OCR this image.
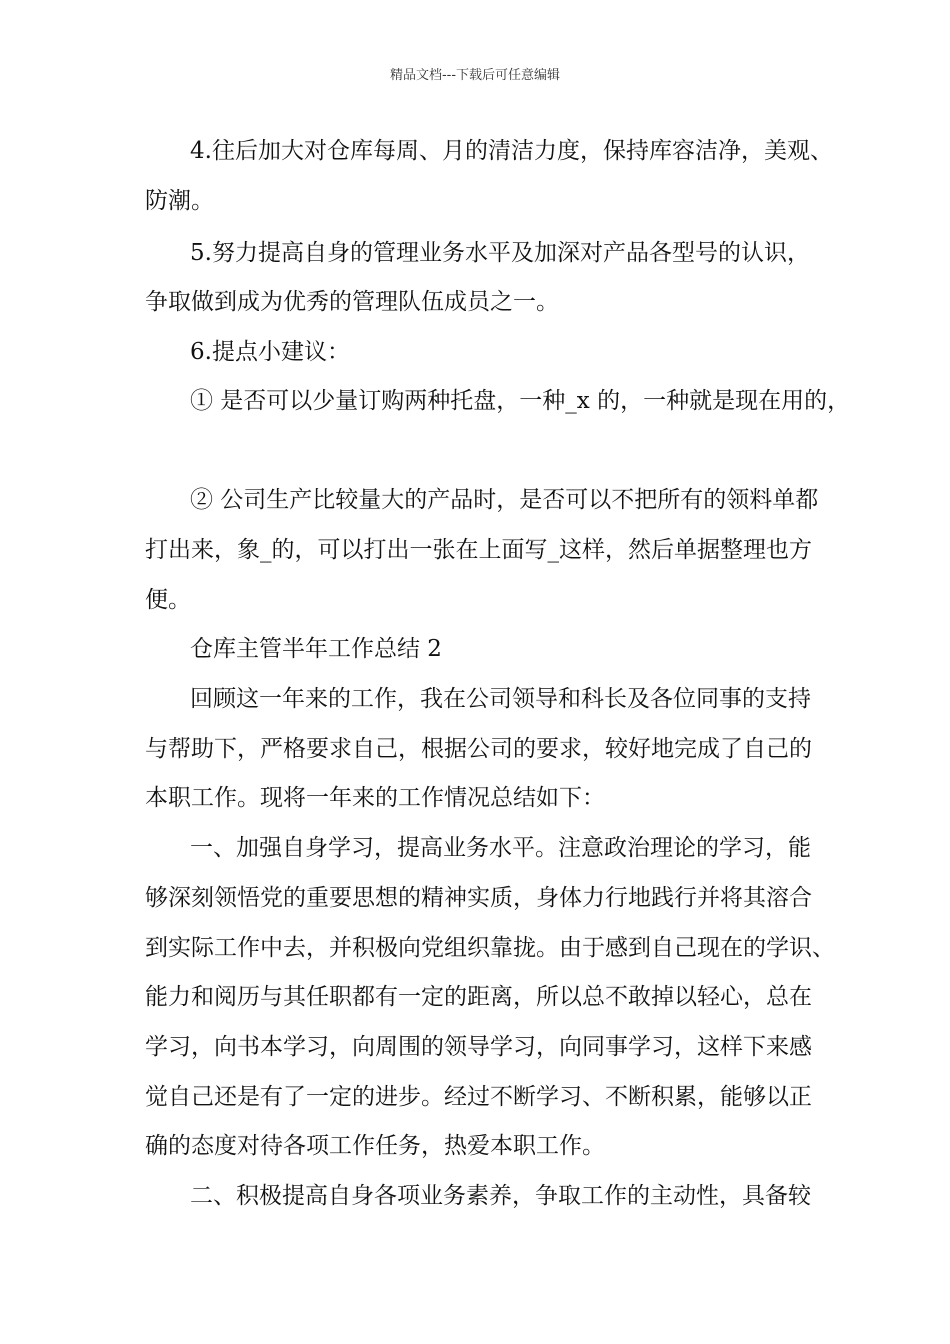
精品文档---下载后可任意编辑
4.往后加大对仓库每周、月的清洁力度，保持库容洁净，美观、
防潮。
5.努力提高自身的管理业务水平及加深对产品各型号的认识，
争取做到成为优秀的管理队伍成员之一。
6.提点小建议：
① 是否可以少量订购两种托盘，一种_x 的，一种就是现在用的，
② 公司生产比较量大的产品时，是否可以不把所有的领料单都
打出来，象_的，可以打出一张在上面写_这样，然后单据整理也方
便。
仓库主管半年工作总结 2
回顾这一年来的工作，我在公司领导和科长及各位同事的支持
与帮助下，严格要求自己，根据公司的要求，较好地完成了自己的
本职工作。现将一年来的工作情况总结如下：
一、加强自身学习，提高业务水平。注意政治理论的学习，能
够深刻领悟党的重要思想的精神实质，身体力行地践行并将其溶合
到实际工作中去，并积极向党组织靠拢。由于感到自己现在的学识、
能力和阅历与其任职都有一定的距离，所以总不敢掉以轻心，总在
学习，向书本学习，向周围的领导学习，向同事学习，这样下来感
觉自己还是有了一定的进步。经过不断学习、不断积累，能够以正
确的态度对待各项工作任务，热爱本职工作。
二、积极提高自身各项业务素养，争取工作的主动性，具备较
